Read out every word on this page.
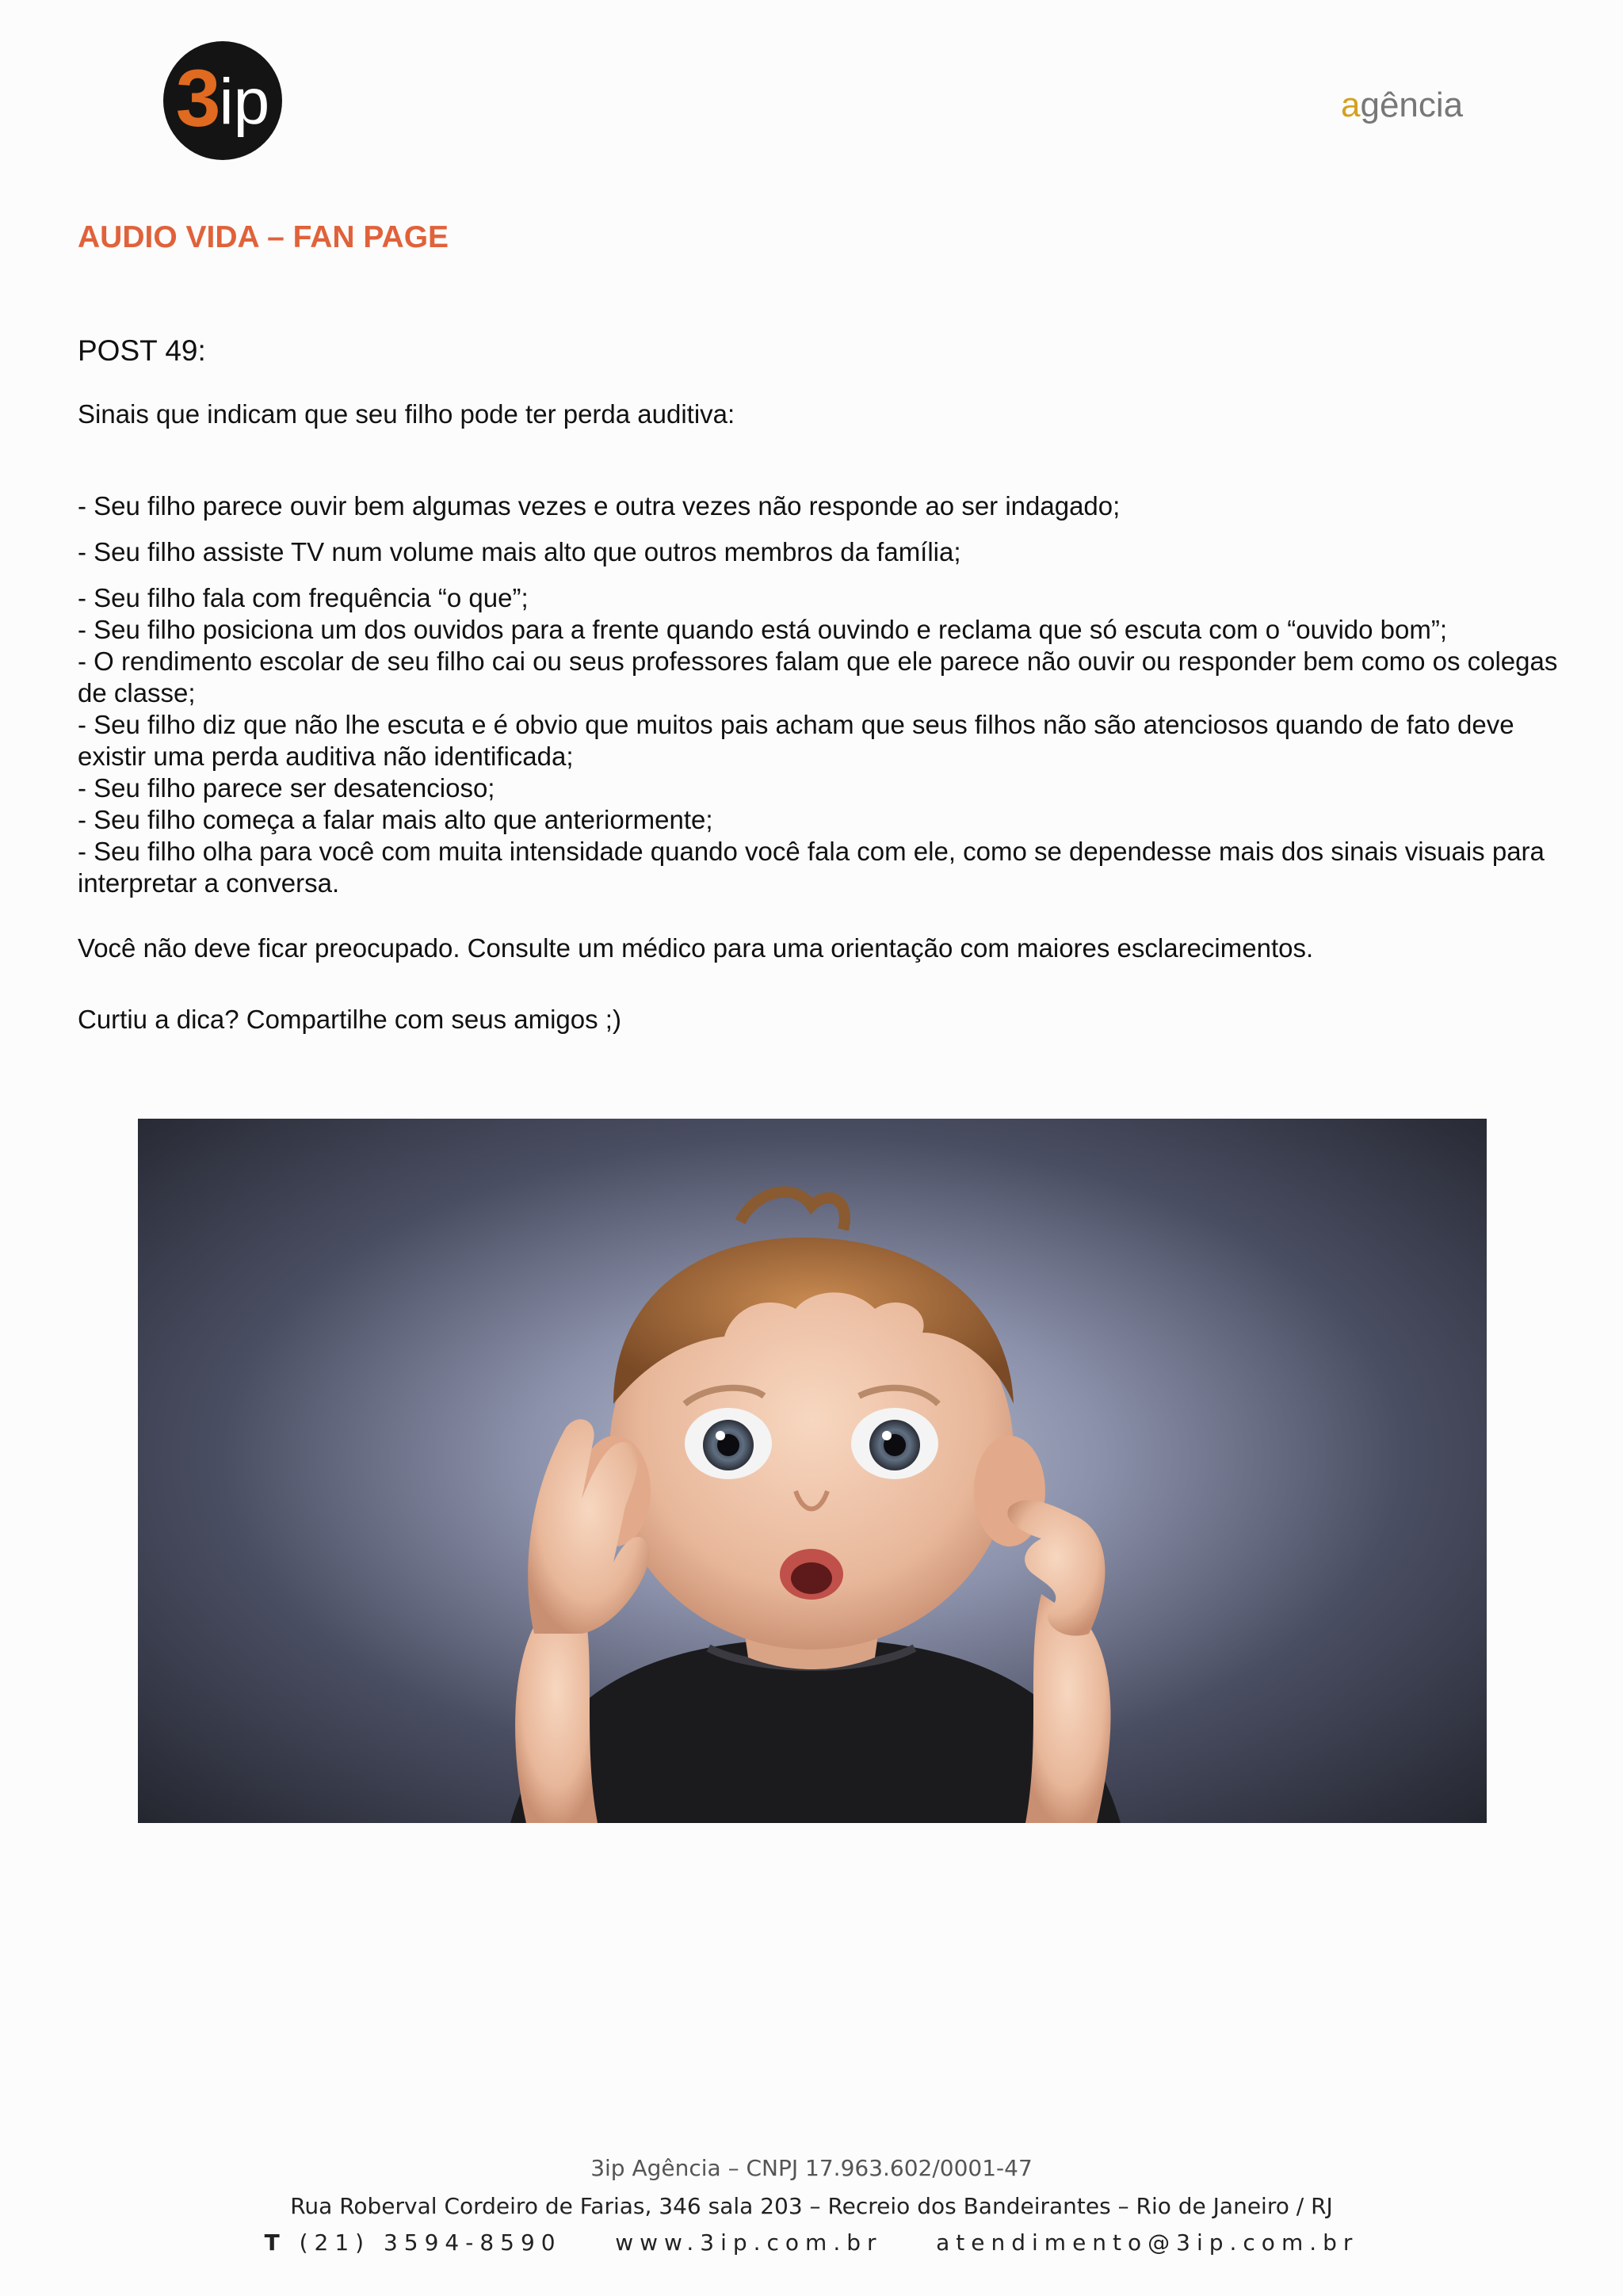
3 ip	agência
AUDIO VIDA – FAN PAGE
POST 49:
Sinais que indicam que seu filho pode ter perda auditiva:
- Seu filho parece ouvir bem algumas vezes e outra vezes não responde ao ser indagado;
- Seu filho assiste TV num volume mais alto que outros membros da família;
- Seu filho fala com frequência “o que”;
- Seu filho posiciona um dos ouvidos para a frente quando está ouvindo e reclama que só escuta com o “ouvido bom”;
- O rendimento escolar de seu filho cai ou seus professores falam que ele parece não ouvir ou responder bem como os colegas de classe;
- Seu filho diz que não lhe escuta e é obvio que muitos pais acham que seus filhos não são atenciosos quando de fato deve existir uma perda auditiva não identificada;
- Seu filho parece ser desatencioso;
- Seu filho começa a falar mais alto que anteriormente;
- Seu filho olha para você com muita intensidade quando você fala com ele, como se dependesse mais dos sinais visuais para interpretar a conversa.
Você não deve ficar preocupado. Consulte um médico para uma orientação com maiores esclarecimentos.
Curtiu a dica? Compartilhe com seus amigos ;)
3ip Agência – CNPJ 17.963.602/0001-47
Rua Roberval Cordeiro de Farias, 346 sala 203 – Recreio dos Bandeirantes – Rio de Janeiro / RJ
T (21) 3594-8590 www.3ip.com.br atendimento@3ip.com.br
